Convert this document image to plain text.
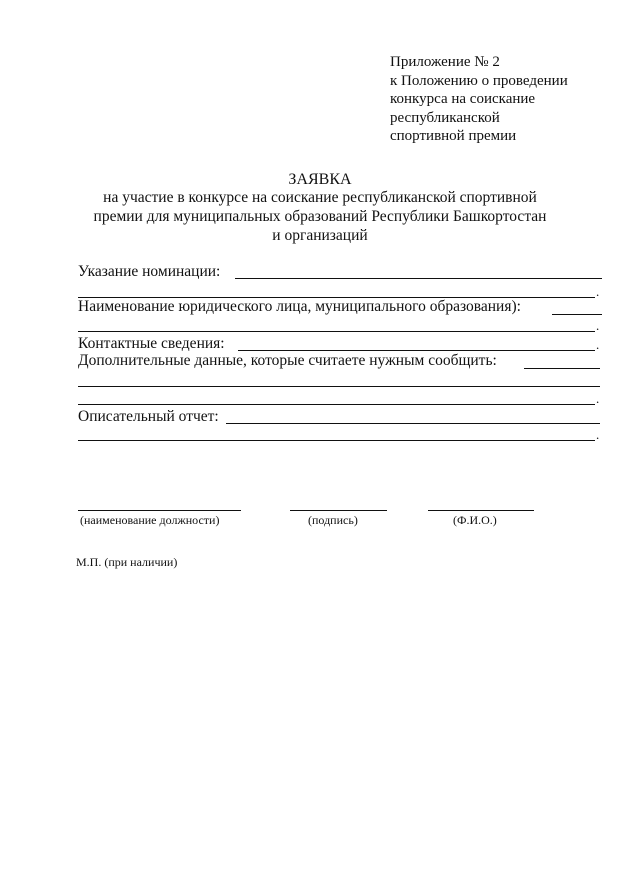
Приложение № 2
к Положению о проведении
конкурса на соискание
республиканской
спортивной премии
ЗАЯВКА
на участие в конкурсе на соискание республиканской спортивной
премии для муниципальных образований Республики Башкортостан
и организаций
Указание номинации:
.
Наименование юридического лица, муниципального образования):
.
Контактные сведения:	.
Дополнительные данные, которые считаете нужным сообщить:
.
Описательный отчет:
.
(наименование должности)	(подпись)	(Ф.И.О.)
М.П. (при наличии)
